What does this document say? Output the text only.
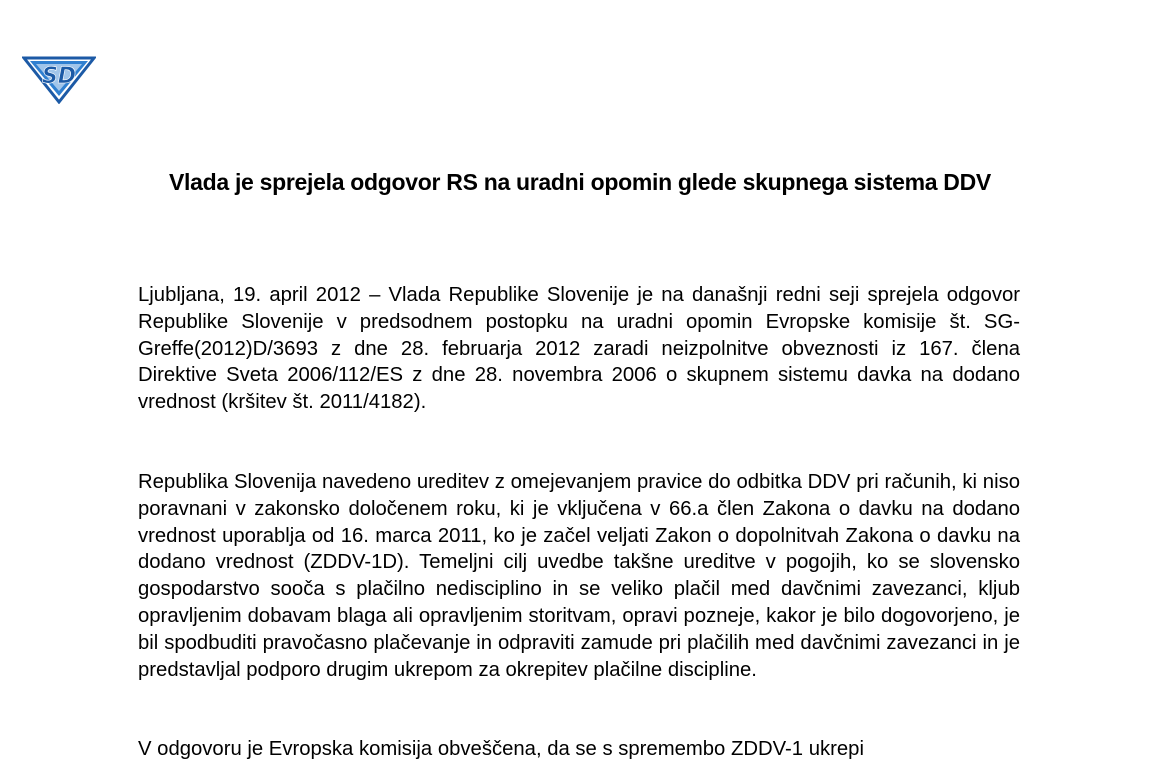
SD
Vlada je sprejela odgovor RS na uradni opomin glede skupnega sistema DDV

Ljubljana, 19. april 2012 – Vlada Republike Slovenije je na današnji redni seji sprejela odgovor Republike Slovenije v predsodnem postopku na uradni opomin Evropske komisije št. SG-Greffe(2012)D/3693 z dne 28. februarja 2012 zaradi neizpolnitve obveznosti iz 167. člena Direktive Sveta 2006/112/ES z dne 28. novembra 2006 o skupnem sistemu davka na dodano vrednost (kršitev št. 2011/4182).

Republika Slovenija navedeno ureditev z omejevanjem pravice do odbitka DDV pri računih, ki niso poravnani v zakonsko določenem roku, ki je vključena v 66.a člen Zakona o davku na dodano vrednost uporablja od 16. marca 2011, ko je začel veljati Zakon o dopolnitvah Zakona o davku na dodano vrednost (ZDDV-1D). Temeljni cilj uvedbe takšne ureditve v pogojih, ko se slovensko gospodarstvo sooča s plačilno nedisciplino in se veliko plačil med davčnimi zavezanci, kljub opravljenim dobavam blaga ali opravljenim storitvam, opravi pozneje, kakor je bilo dogovorjeno, je bil spodbuditi pravočasno plačevanje in odpraviti zamude pri plačilih med davčnimi zavezanci in je predstavljal podporo drugim ukrepom za okrepitev plačilne discipline.

V odgovoru je Evropska komisija obveščena, da se s spremembo ZDDV-1 ukrepi
